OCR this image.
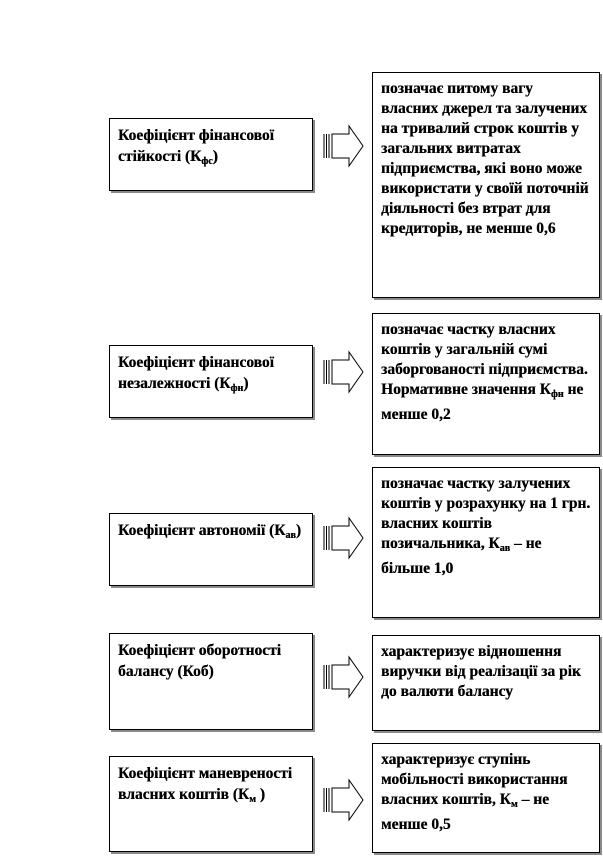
Коефіцієнт фінансової стійкості $(К_{фс})$
позначає питому вагу власних джерел та залучених на тривалий строк коштів у загальних витратах підприємства, які воно може використати у своїй поточній діяльності без втрат для кредиторів, не менше 0,6
Коефіцієнт фінансової незалежності $(К_{фн})$
позначає частку власних коштів у загальній сумі заборгованості підприємства. Нормативне значення $К_{фн}$ не менше 0,2
Коефіцієнт автономії $(К_{ав})$
позначає частку залучених коштів у розрахунку на 1 грн. власних коштів позичальника, $К_{ав}$ – не більше 1,0
Коефіцієнт оборотності балансу (Коб)
характеризує відношення виручки від реалізації за рік до валюти балансу
Коефіцієнт маневреності власних коштів ($К_м$ )
характеризує ступінь мобільності використання власних коштів, $К_м$ – не менше 0,5
